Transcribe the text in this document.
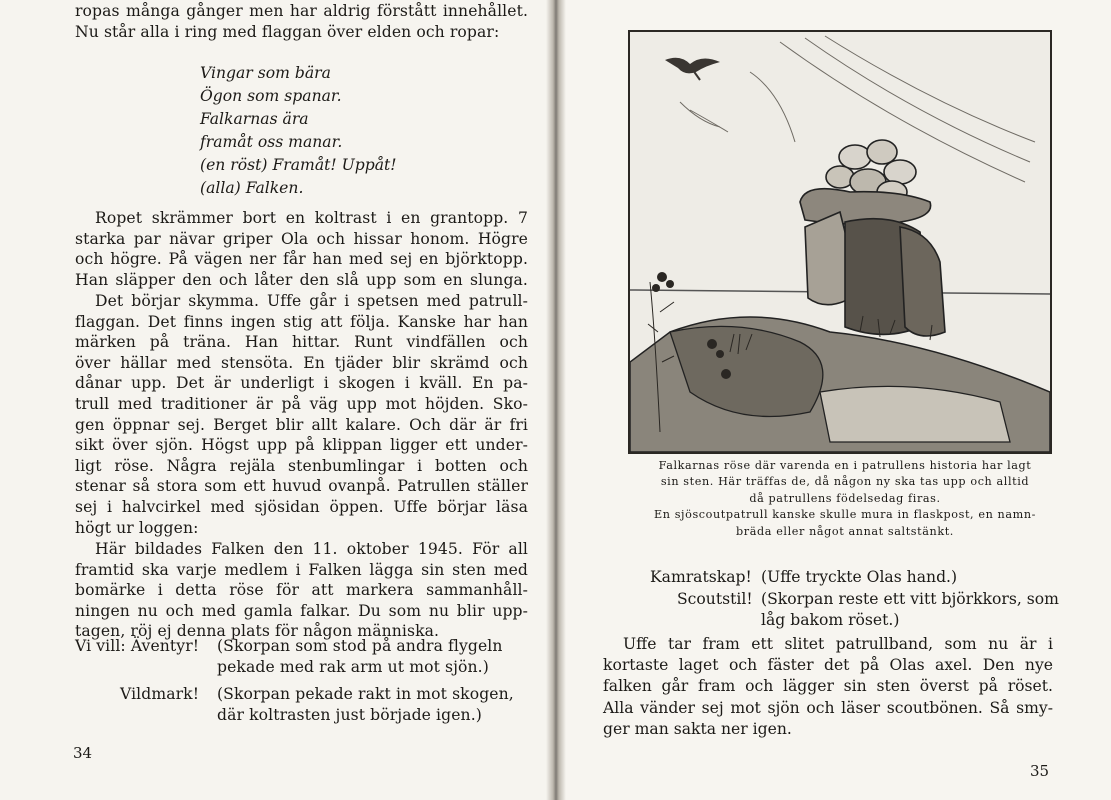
ropas många gånger men har aldrig förstått innehållet.
Nu står alla i ring med flaggan över elden och ropar:
Vingar som bära
Ögon som spanar.
Falkarnas ära
framåt oss manar.
(en röst) Framåt! Uppåt!
(alla) Falken.
Ropet skrämmer bort en koltrast i en grantopp. 7
starka par nävar griper Ola och hissar honom. Högre
och högre. På vägen ner får han med sej en björktopp.
Han släpper den och låter den slå upp som en slunga.
Det börjar skymma. Uffe går i spetsen med patrull-
flaggan. Det finns ingen stig att följa. Kanske har han
märken på träna. Han hittar. Runt vindfällen och
över hällar med stensöta. En tjäder blir skrämd och
dånar upp. Det är underligt i skogen i kväll. En pa-
trull med traditioner är på väg upp mot höjden. Sko-
gen öppnar sej. Berget blir allt kalare. Och där är fri
sikt över sjön. Högst upp på klippan ligger ett under-
ligt röse. Några rejäla stenbumlingar i botten och
stenar så stora som ett huvud ovanpå. Patrullen ställer
sej i halvcirkel med sjösidan öppen. Uffe börjar läsa
högt ur loggen:
Här bildades Falken den 11. oktober 1945. För all
framtid ska varje medlem i Falken lägga sin sten med
bomärke i detta röse för att markera sammanhåll-
ningen nu och med gamla falkar. Du som nu blir upp-
tagen, röj ej denna plats för någon människa.
Vi vill: Äventyr! (Skorpan som stod på andra flygeln
pekade med rak arm ut mot sjön.)
Vildmark! (Skorpan pekade rakt in mot skogen,
där koltrasten just började igen.)
34
Falkarnas röse där varenda en i patrullens historia har lagt
sin sten. Här träffas de, då någon ny ska tas upp och alltid
då patrullens födelsedag firas.
En sjöscoutpatrull kanske skulle mura in flaskpost, en namn-
bräda eller något annat saltstänkt.
Kamratskap! (Uffe tryckte Olas hand.)
Scoutstil! (Skorpan reste ett vitt björkkors, som
låg bakom röset.)
Uffe tar fram ett slitet patrullband, som nu är i
kortaste laget och fäster det på Olas axel. Den nye
falken går fram och lägger sin sten överst på röset.
Alla vänder sej mot sjön och läser scoutbönen. Så smy-
ger man sakta ner igen.
35
